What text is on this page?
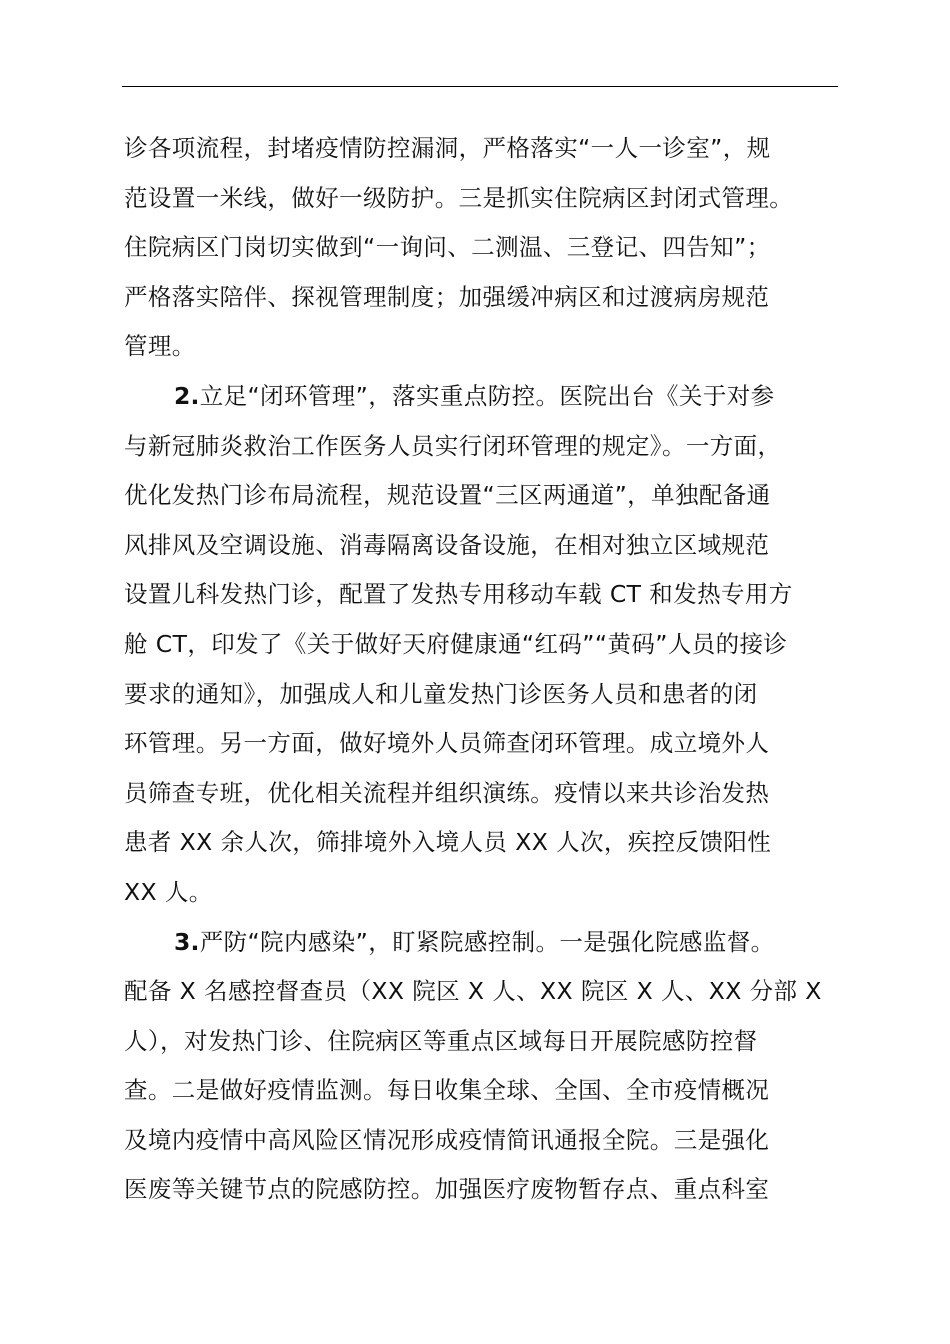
诊各项流程，封堵疫情防控漏洞，严格落实“一人一诊室”，规
范设置一米线，做好一级防护。三是抓实住院病区封闭式管理。
住院病区门岗切实做到“一询问、二测温、三登记、四告知”；
严格落实陪伴、探视管理制度；加强缓冲病区和过渡病房规范
管理。

2.立足“闭环管理”，落实重点防控。医院出台《关于对参
与新冠肺炎救治工作医务人员实行闭环管理的规定》。一方面，
优化发热门诊布局流程，规范设置“三区两通道”，单独配备通
风排风及空调设施、消毒隔离设备设施，在相对独立区域规范
设置儿科发热门诊，配置了发热专用移动车载 CT 和发热专用方
舱 CT，印发了《关于做好天府健康通“红码”“黄码”人员的接诊
要求的通知》，加强成人和儿童发热门诊医务人员和患者的闭
环管理。另一方面，做好境外人员筛查闭环管理。成立境外人
员筛查专班，优化相关流程并组织演练。疫情以来共诊治发热
患者 XX 余人次，筛排境外入境人员 XX 人次，疾控反馈阳性
XX 人。

3.严防“院内感染”，盯紧院感控制。一是强化院感监督。
配备 X 名感控督查员（XX 院区 X 人、XX 院区 X 人、XX 分部 X
人），对发热门诊、住院病区等重点区域每日开展院感防控督
查。二是做好疫情监测。每日收集全球、全国、全市疫情概况
及境内疫情中高风险区情况形成疫情简讯通报全院。三是强化
医废等关键节点的院感防控。加强医疗废物暂存点、重点科室
